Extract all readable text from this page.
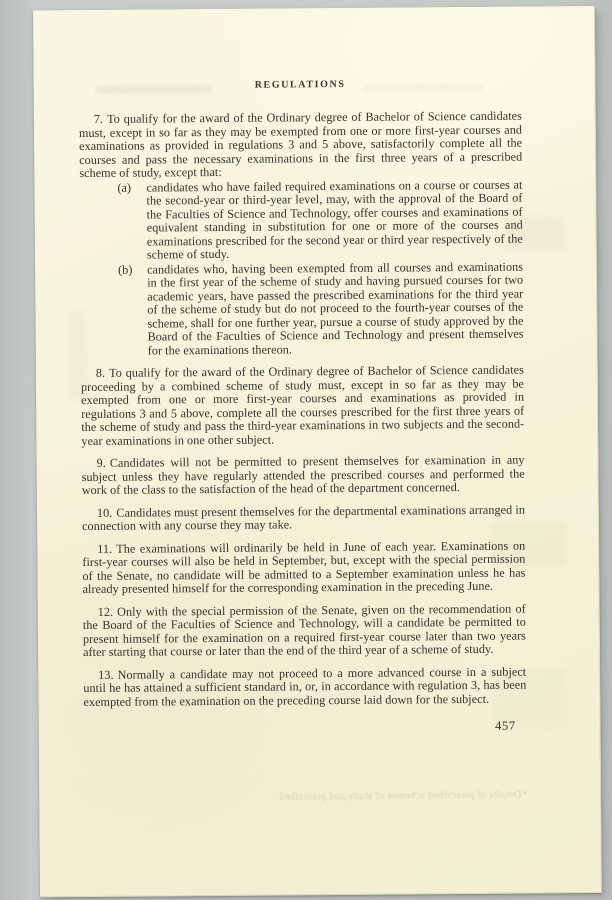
*Details of prescribed schemes of study and prescribed
REGULATIONS

7. To qualify for the award of the Ordinary degree of Bachelor of Science candidates must, except in so far as they may be exempted from one or more first-year courses and examinations as provided in regulations 3 and 5 above, satisfactorily complete all the courses and pass the necessary examinations in the first three years of a prescribed scheme of study, except that:

(a)	candidates who have failed required examinations on a course or courses at the second-year or third-year level, may, with the approval of the Board of the Faculties of Science and Technology, offer courses and examinations of equivalent standing in substitution for one or more of the courses and examinations prescribed for the second year or third year respectively of the scheme of study.
(b)	candidates who, having been exempted from all courses and examinations in the first year of the scheme of study and having pursued courses for two academic years, have passed the prescribed examinations for the third year of the scheme of study but do not proceed to the fourth-year courses of the scheme, shall for one further year, pursue a course of study approved by the Board of the Faculties of Science and Technology and present themselves for the examinations thereon.

8. To qualify for the award of the Ordinary degree of Bachelor of Science candidates proceeding by a combined scheme of study must, except in so far as they may be exempted from one or more first-year courses and examinations as provided in regulations 3 and 5 above, complete all the courses prescribed for the first three years of the scheme of study and pass the third-year examinations in two subjects and the second-year examinations in one other subject.

9. Candidates will not be permitted to present themselves for examination in any subject unless they have regularly attended the prescribed courses and performed the work of the class to the satisfaction of the head of the department concerned.

10. Candidates must present themselves for the departmental examinations arranged in connection with any course they may take.

11. The examinations will ordinarily be held in June of each year. Examinations on first-year courses will also be held in September, but, except with the special permission of the Senate, no candidate will be admitted to a September examination unless he has already presented himself for the corresponding examination in the preceding June.

12. Only with the special permission of the Senate, given on the recommendation of the Board of the Faculties of Science and Technology, will a candidate be permitted to present himself for the examination on a required first-year course later than two years after starting that course or later than the end of the third year of a scheme of study.

13. Normally a candidate may not proceed to a more advanced course in a subject until he has attained a sufficient standard in, or, in accordance with regulation 3, has been exempted from the examination on the preceding course laid down for the subject.

457
